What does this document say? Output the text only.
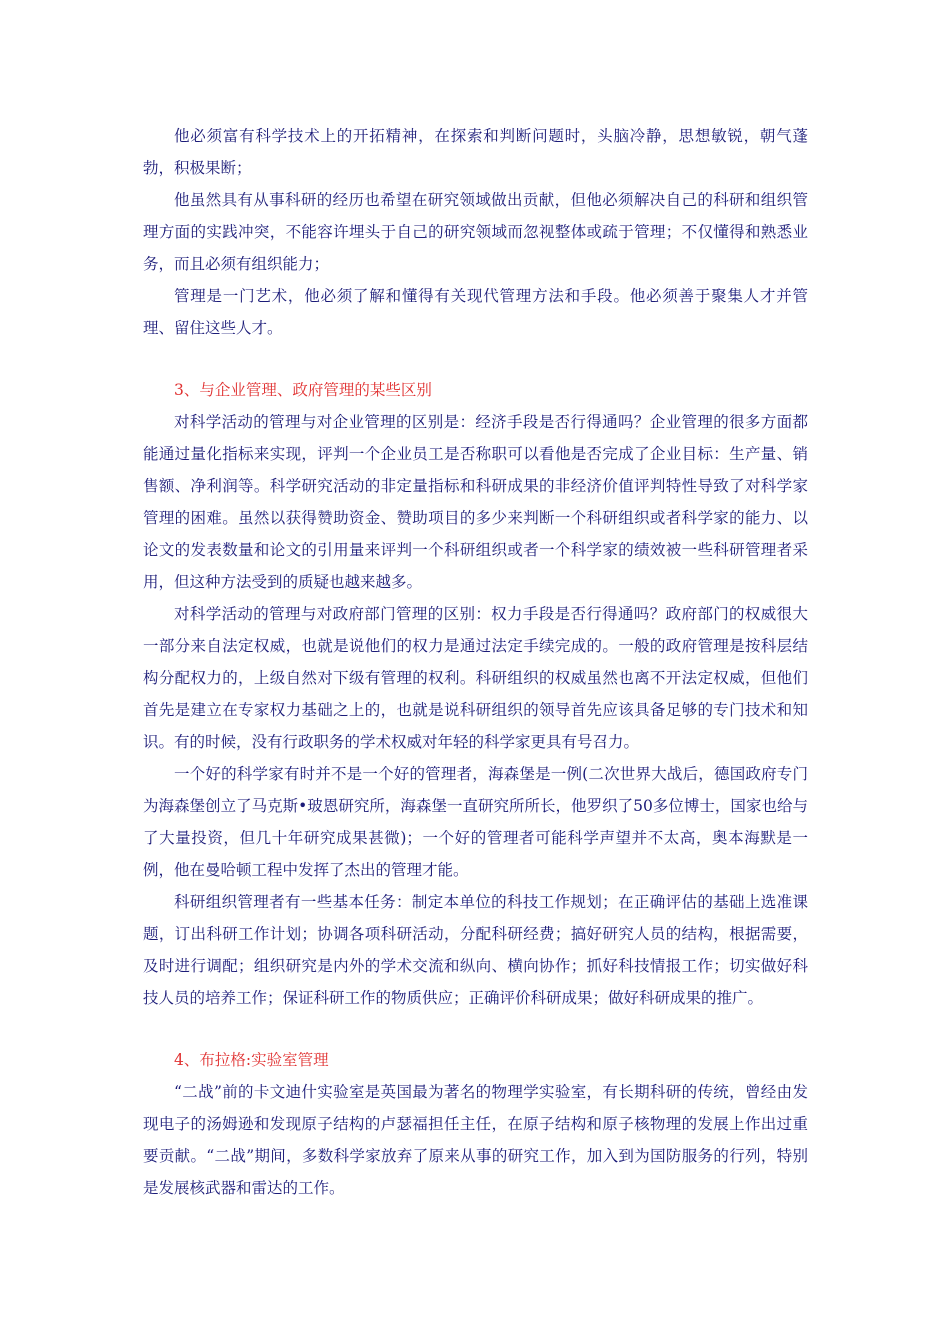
他必须富有科学技术上的开拓精神，在探索和判断问题时，头脑冷静，思想敏锐，朝气蓬勃，积极果断；

他虽然具有从事科研的经历也希望在研究领域做出贡献，但他必须解决自己的科研和组织管理方面的实践冲突，不能容许埋头于自己的研究领域而忽视整体或疏于管理；不仅懂得和熟悉业务，而且必须有组织能力；

管理是一门艺术，他必须了解和懂得有关现代管理方法和手段。他必须善于聚集人才并管理、留住这些人才。

3、与企业管理、政府管理的某些区别

对科学活动的管理与对企业管理的区别是：经济手段是否行得通吗？企业管理的很多方面都能通过量化指标来实现，评判一个企业员工是否称职可以看他是否完成了企业目标：生产量、销售额、净利润等。科学研究活动的非定量指标和科研成果的非经济价值评判特性导致了对科学家管理的困难。虽然以获得赞助资金、赞助项目的多少来判断一个科研组织或者科学家的能力、以论文的发表数量和论文的引用量来评判一个科研组织或者一个科学家的绩效被一些科研管理者采用，但这种方法受到的质疑也越来越多。

对科学活动的管理与对政府部门管理的区别：权力手段是否行得通吗？政府部门的权威很大一部分来自法定权威，也就是说他们的权力是通过法定手续完成的。一般的政府管理是按科层结构分配权力的，上级自然对下级有管理的权利。科研组织的权威虽然也离不开法定权威，但他们首先是建立在专家权力基础之上的，也就是说科研组织的领导首先应该具备足够的专门技术和知识。有的时候，没有行政职务的学术权威对年轻的科学家更具有号召力。

一个好的科学家有时并不是一个好的管理者，海森堡是一例(二次世界大战后，德国政府专门为海森堡创立了马克斯•玻恩研究所，海森堡一直研究所所长，他罗织了50多位博士，国家也给与了大量投资，但几十年研究成果甚微)；一个好的管理者可能科学声望并不太高，奥本海默是一例，他在曼哈顿工程中发挥了杰出的管理才能。

科研组织管理者有一些基本任务：制定本单位的科技工作规划；在正确评估的基础上选准课题，订出科研工作计划；协调各项科研活动，分配科研经费；搞好研究人员的结构，根据需要，及时进行调配；组织研究是内外的学术交流和纵向、横向协作；抓好科技情报工作；切实做好科技人员的培养工作；保证科研工作的物质供应；正确评价科研成果；做好科研成果的推广。

4、布拉格:实验室管理

“二战”前的卡文迪什实验室是英国最为著名的物理学实验室，有长期科研的传统，曾经由发现电子的汤姆逊和发现原子结构的卢瑟福担任主任，在原子结构和原子核物理的发展上作出过重要贡献。“二战”期间，多数科学家放弃了原来从事的研究工作，加入到为国防服务的行列，特别是发展核武器和雷达的工作。
